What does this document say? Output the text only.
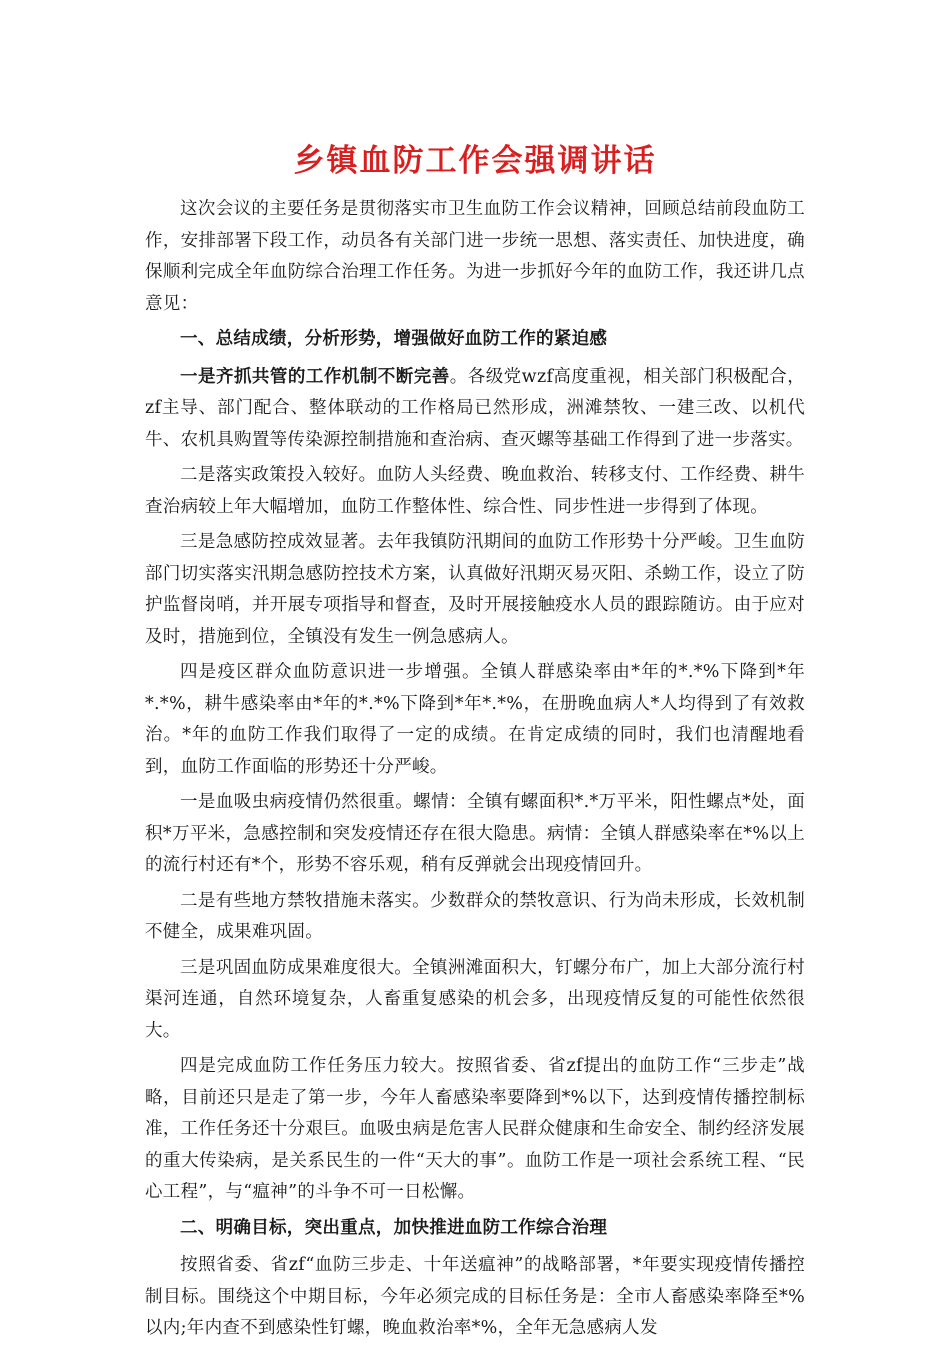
乡镇血防工作会强调讲话

这次会议的主要任务是贯彻落实市卫生血防工作会议精神，回顾总结前段血防工作，安排部署下段工作，动员各有关部门进一步统一思想、落实责任、加快进度，确保顺利完成全年血防综合治理工作任务。为进一步抓好今年的血防工作，我还讲几点意见：

一、总结成绩，分析形势，增强做好血防工作的紧迫感

一是齐抓共管的工作机制不断完善。各级党wzf高度重视，相关部门积极配合，zf主导、部门配合、整体联动的工作格局已然形成，洲滩禁牧、一建三改、以机代牛、农机具购置等传染源控制措施和查治病、查灭螺等基础工作得到了进一步落实。

二是落实政策投入较好。血防人头经费、晚血救治、转移支付、工作经费、耕牛查治病较上年大幅增加，血防工作整体性、综合性、同步性进一步得到了体现。

三是急感防控成效显著。去年我镇防汛期间的血防工作形势十分严峻。卫生血防部门切实落实汛期急感防控技术方案，认真做好汛期灭易灭阳、杀蚴工作，设立了防护监督岗哨，并开展专项指导和督查，及时开展接触疫水人员的跟踪随访。由于应对及时，措施到位，全镇没有发生一例急感病人。

四是疫区群众血防意识进一步增强。全镇人群感染率由*年的*.*%下降到*年*.*%，耕牛感染率由*年的*.*%下降到*年*.*%，在册晚血病人*人均得到了有效救治。*年的血防工作我们取得了一定的成绩。在肯定成绩的同时，我们也清醒地看到，血防工作面临的形势还十分严峻。

一是血吸虫病疫情仍然很重。螺情：全镇有螺面积*.*万平米，阳性螺点*处，面积*万平米，急感控制和突发疫情还存在很大隐患。病情：全镇人群感染率在*%以上的流行村还有*个，形势不容乐观，稍有反弹就会出现疫情回升。

二是有些地方禁牧措施未落实。少数群众的禁牧意识、行为尚未形成，长效机制不健全，成果难巩固。

三是巩固血防成果难度很大。全镇洲滩面积大，钉螺分布广，加上大部分流行村渠河连通，自然环境复杂，人畜重复感染的机会多，出现疫情反复的可能性依然很大。

四是完成血防工作任务压力较大。按照省委、省zf提出的血防工作“三步走”战略，目前还只是走了第一步，今年人畜感染率要降到*%以下，达到疫情传播控制标准，工作任务还十分艰巨。血吸虫病是危害人民群众健康和生命安全、制约经济发展的重大传染病，是关系民生的一件“天大的事”。血防工作是一项社会系统工程、“民心工程”，与“瘟神”的斗争不可一日松懈。

二、明确目标，突出重点，加快推进血防工作综合治理

按照省委、省zf“血防三步走、十年送瘟神”的战略部署，*年要实现疫情传播控制目标。围绕这个中期目标，今年必须完成的目标任务是：全市人畜感染率降至*%以内;年内查不到感染性钉螺，晚血救治率*%，全年无急感病人发
